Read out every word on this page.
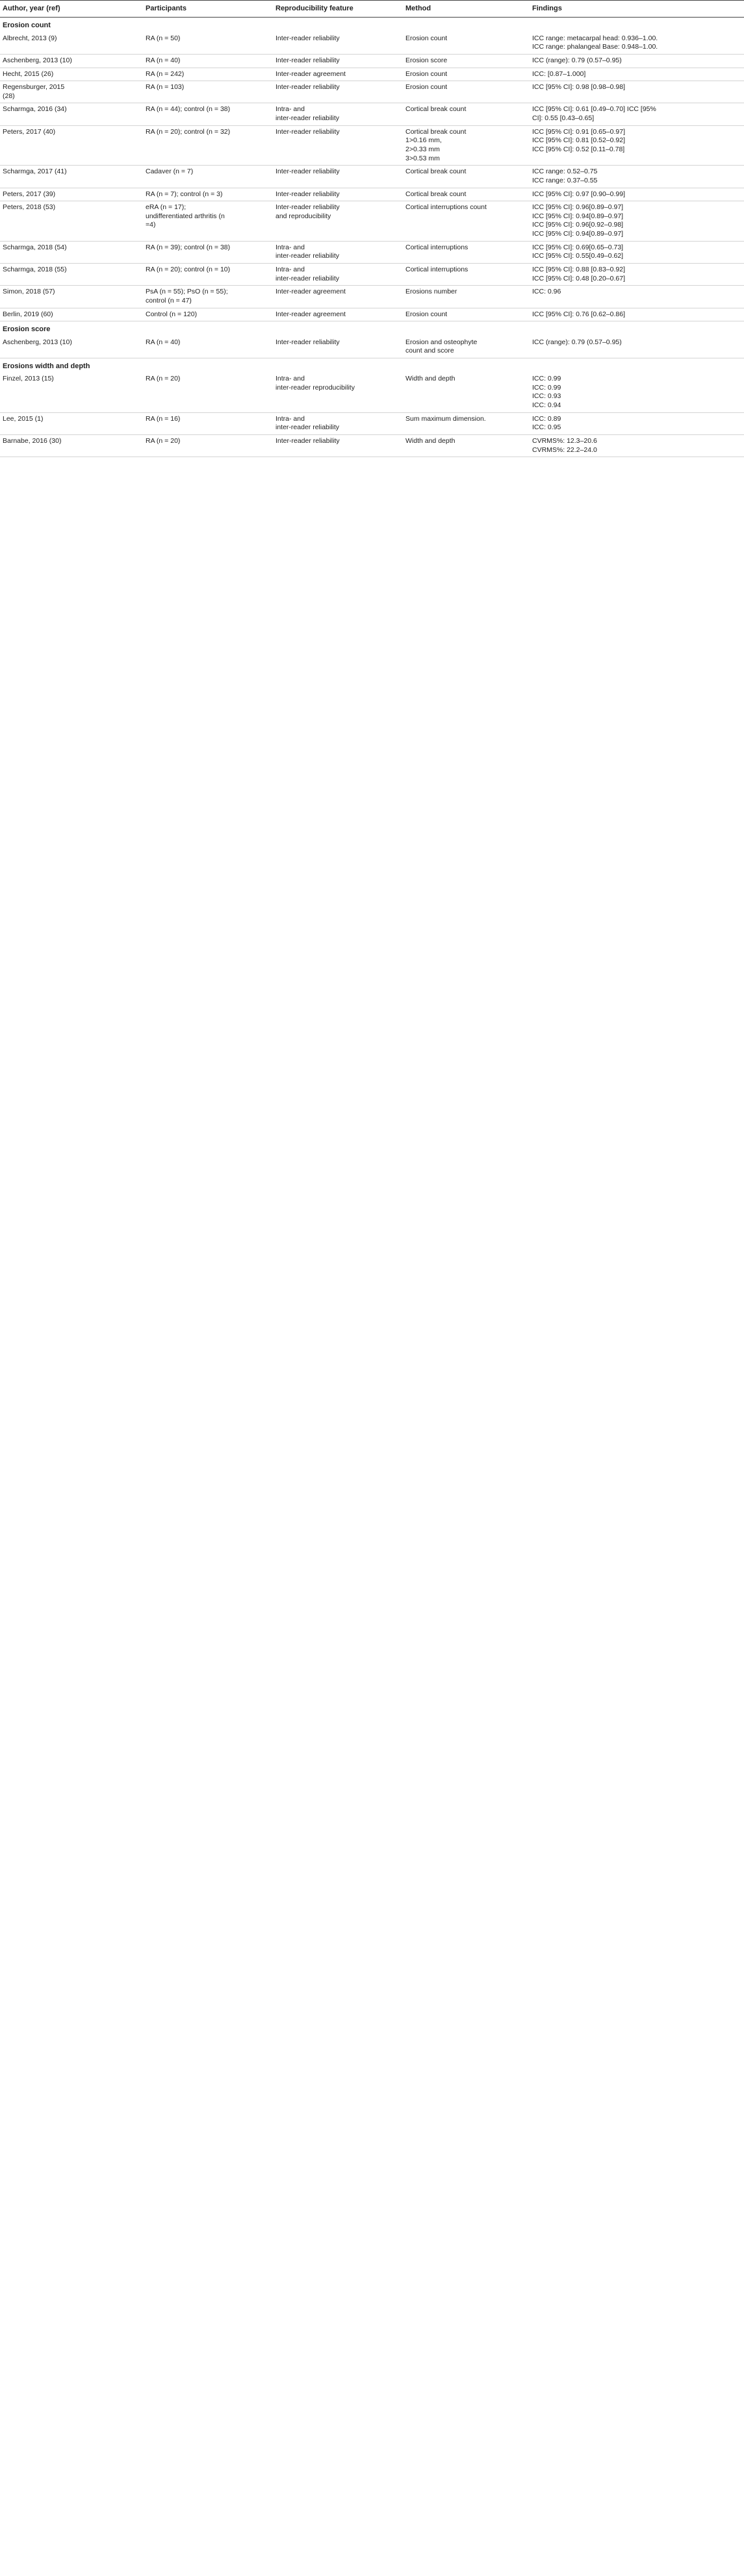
Author, year (ref)	Participants	Reproducibility feature	Method	Findings
Erosion count				

Albrecht, 2013 (9)	RA (n = 50)	Inter-reader reliability	Erosion count	ICC range: metacarpal head: 0.936–1.00.
ICC range: phalangeal Base: 0.948–1.00.

Aschenberg, 2013 (10)	RA (n = 40)	Inter-reader reliability	Erosion score	ICC (range): 0.79 (0.57–0.95)

Hecht, 2015 (26)	RA (n = 242)	Inter-reader agreement	Erosion count	ICC: [0.87–1.000]

Regensburger, 2015
(28)	RA (n = 103)	Inter-reader reliability	Erosion count	ICC [95% CI]: 0.98 [0.98–0.98]

Scharmga, 2016 (34)	RA (n = 44); control (n = 38)	Intra- and
inter-reader reliability	Cortical break count	ICC [95% CI]: 0.61 [0.49–0.70] ICC [95%
CI]: 0.55 [0.43–0.65]

Peters, 2017 (40)	RA (n = 20); control (n = 32)	Inter-reader reliability	Cortical break count
1>0.16 mm,
2>0.33 mm
3>0.53 mm	ICC [95% CI]: 0.91 [0.65–0.97]
ICC [95% CI]: 0.81 [0.52–0.92]
ICC [95% CI]: 0.52 [0.11–0.78]

Scharmga, 2017 (41)	Cadaver (n = 7)	Inter-reader reliability	Cortical break count	ICC range: 0.52–0.75
ICC range: 0.37–0.55

Peters, 2017 (39)	RA (n = 7); control (n = 3)	Inter-reader reliability	Cortical break count	ICC [95% CI]: 0.97 [0.90–0.99]

Peters, 2018 (53)	eRA (n = 17);
undifferentiated arthritis (n
=4)	Inter-reader reliability
and reproducibility	Cortical interruptions count	ICC [95% CI]: 0.96[0.89–0.97]
ICC [95% CI]: 0.94[0.89–0.97]
ICC [95% CI]: 0.96[0.92–0.98]
ICC [95% CI]: 0.94[0.89–0.97]

Scharmga, 2018 (54)	RA (n = 39); control (n = 38)	Intra- and
inter-reader reliability	Cortical interruptions	ICC [95% CI]: 0.69[0.65–0.73]
ICC [95% CI]: 0.55[0.49–0.62]

Scharmga, 2018 (55)	RA (n = 20); control (n = 10)	Intra- and
inter-reader reliability	Cortical interruptions	ICC [95% CI]: 0.88 [0.83–0.92]
ICC [95% CI]: 0.48 [0.20–0.67]

Simon, 2018 (57)	PsA (n = 55); PsO (n = 55);
control (n = 47)	Inter-reader agreement	Erosions number	ICC: 0.96

Berlin, 2019 (60)	Control (n = 120)	Inter-reader agreement	Erosion count	ICC [95% CI]: 0.76 [0.62–0.86]

Erosion score				

Aschenberg, 2013 (10)	RA (n = 40)	Inter-reader reliability	Erosion and osteophyte
count and score	ICC (range): 0.79 (0.57–0.95)

Erosions width and depth				

Finzel, 2013 (15)	RA (n = 20)	Intra- and
inter-reader reproducibility	Width and depth	ICC: 0.99
ICC: 0.99
ICC: 0.93
ICC: 0.94

Lee, 2015 (1)	RA (n = 16)	Intra- and
inter-reader reliability	Sum maximum dimension.	ICC: 0.89
ICC: 0.95

Barnabe, 2016 (30)	RA (n = 20)	Inter-reader reliability	Width and depth	CVRMS%: 12.3–20.6
CVRMS%: 22.2–24.0
